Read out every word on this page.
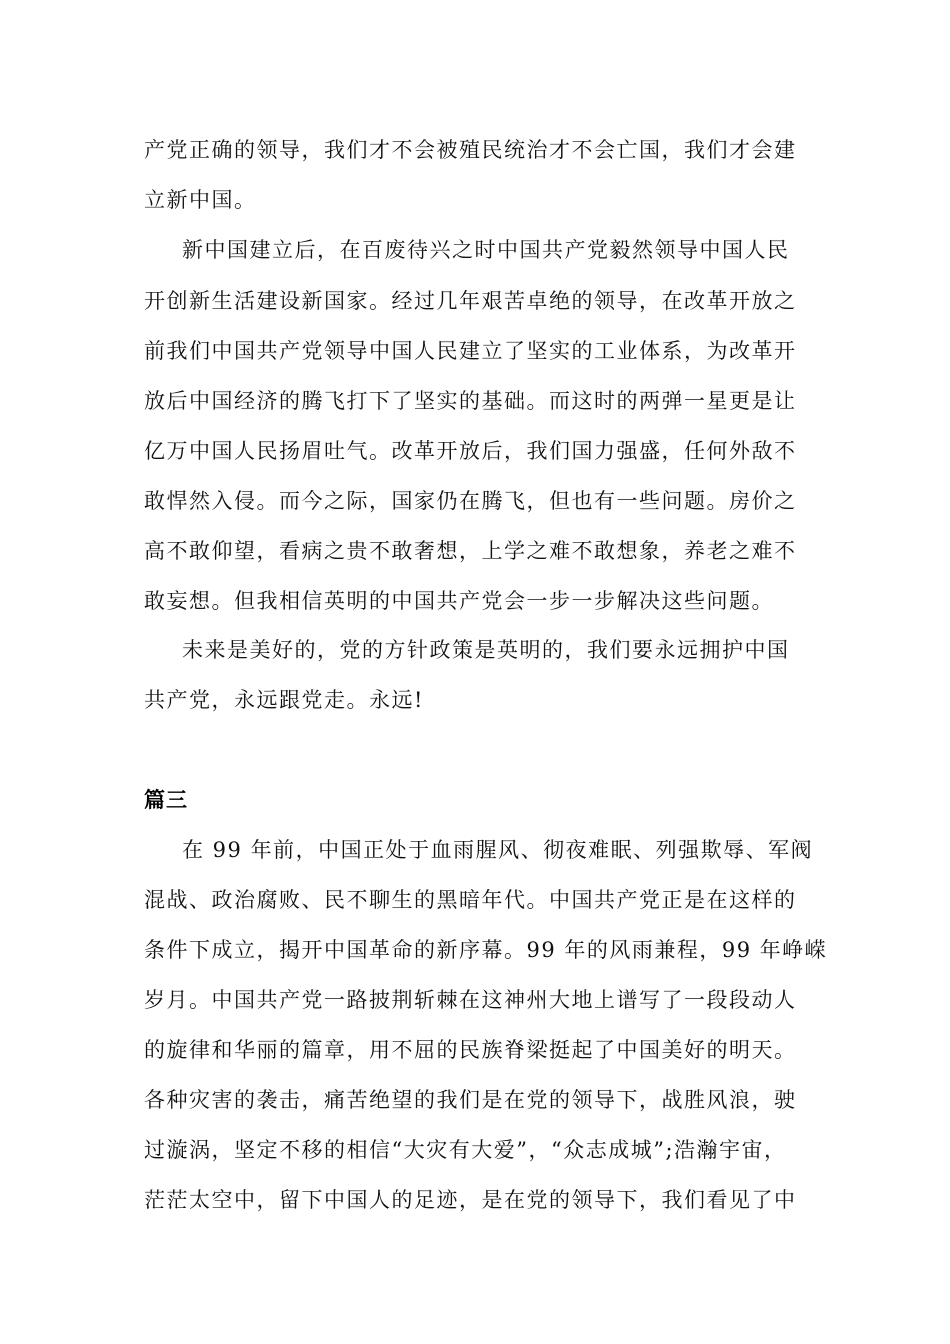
产党正确的领导，我们才不会被殖民统治才不会亡国，我们才会建
立新中国。
新中国建立后，在百废待兴之时中国共产党毅然领导中国人民
开创新生活建设新国家。经过几年艰苦卓绝的领导，在改革开放之
前我们中国共产党领导中国人民建立了坚实的工业体系，为改革开
放后中国经济的腾飞打下了坚实的基础。而这时的两弹一星更是让
亿万中国人民扬眉吐气。改革开放后，我们国力强盛，任何外敌不
敢悍然入侵。而今之际，国家仍在腾飞，但也有一些问题。房价之
高不敢仰望，看病之贵不敢奢想，上学之难不敢想象，养老之难不
敢妄想。但我相信英明的中国共产党会一步一步解决这些问题。
未来是美好的，党的方针政策是英明的，我们要永远拥护中国
共产党，永远跟党走。永远!
篇三
在 99 年前，中国正处于血雨腥风、彻夜难眠、列强欺辱、军阀
混战、政治腐败、民不聊生的黑暗年代。中国共产党正是在这样的
条件下成立，揭开中国革命的新序幕。99 年的风雨兼程，99 年峥嵘
岁月。中国共产党一路披荆斩棘在这神州大地上谱写了一段段动人
的旋律和华丽的篇章，用不屈的民族脊梁挺起了中国美好的明天。
各种灾害的袭击，痛苦绝望的我们是在党的领导下，战胜风浪，驶
过漩涡，坚定不移的相信“大灾有大爱”，“众志成城”;浩瀚宇宙，
茫茫太空中，留下中国人的足迹，是在党的领导下，我们看见了中
